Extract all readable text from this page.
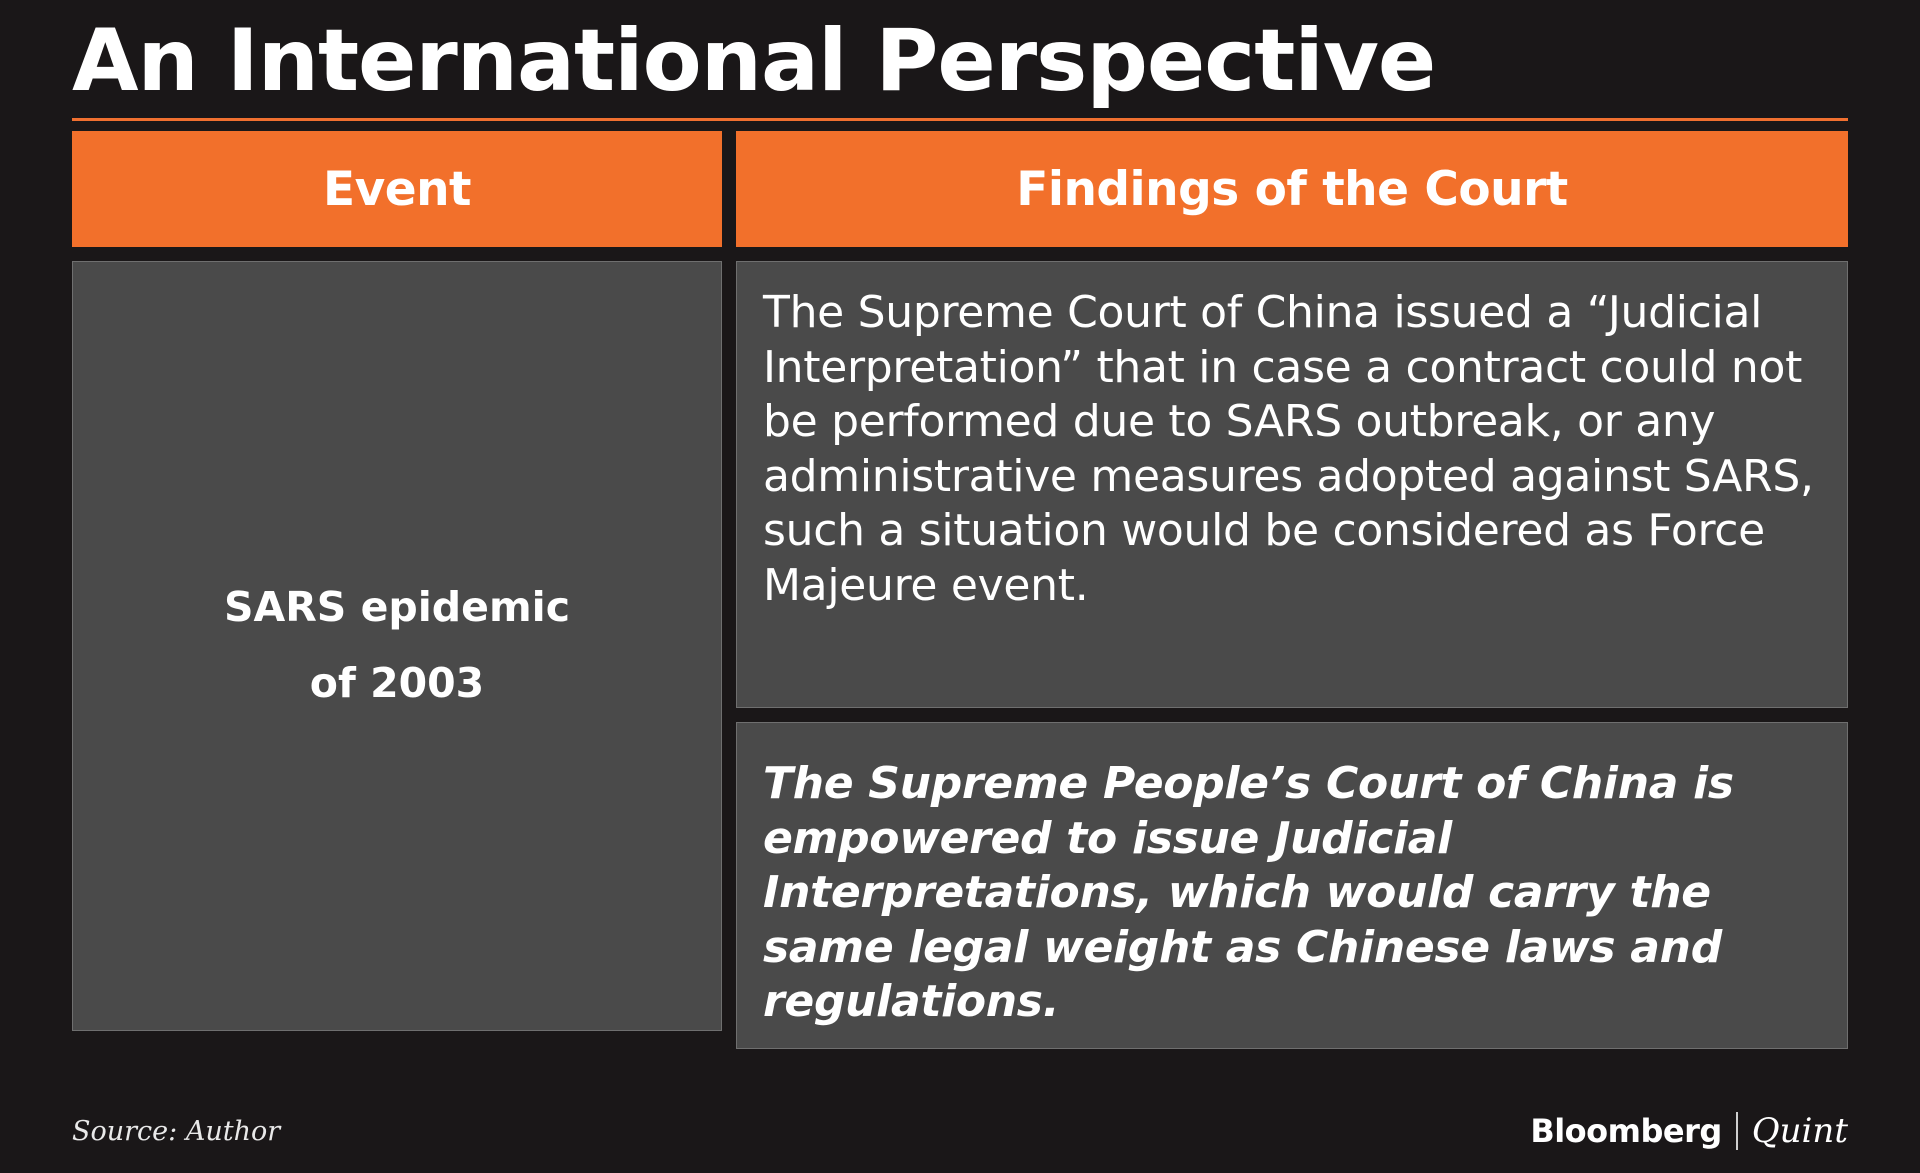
An International Perspective
Event	Findings of the Court
SARS epidemic
of 2003
The Supreme Court of China issued a “Judicial Interpretation” that in case a contract could not be performed due to SARS outbreak, or any administrative measures adopted against SARS, such a situation would be considered as Force Majeure event.
The Supreme People’s Court of China is empowered to issue Judicial Interpretations, which would carry the same legal weight as Chinese laws and regulations.
Source: Author	Bloomberg Quint
